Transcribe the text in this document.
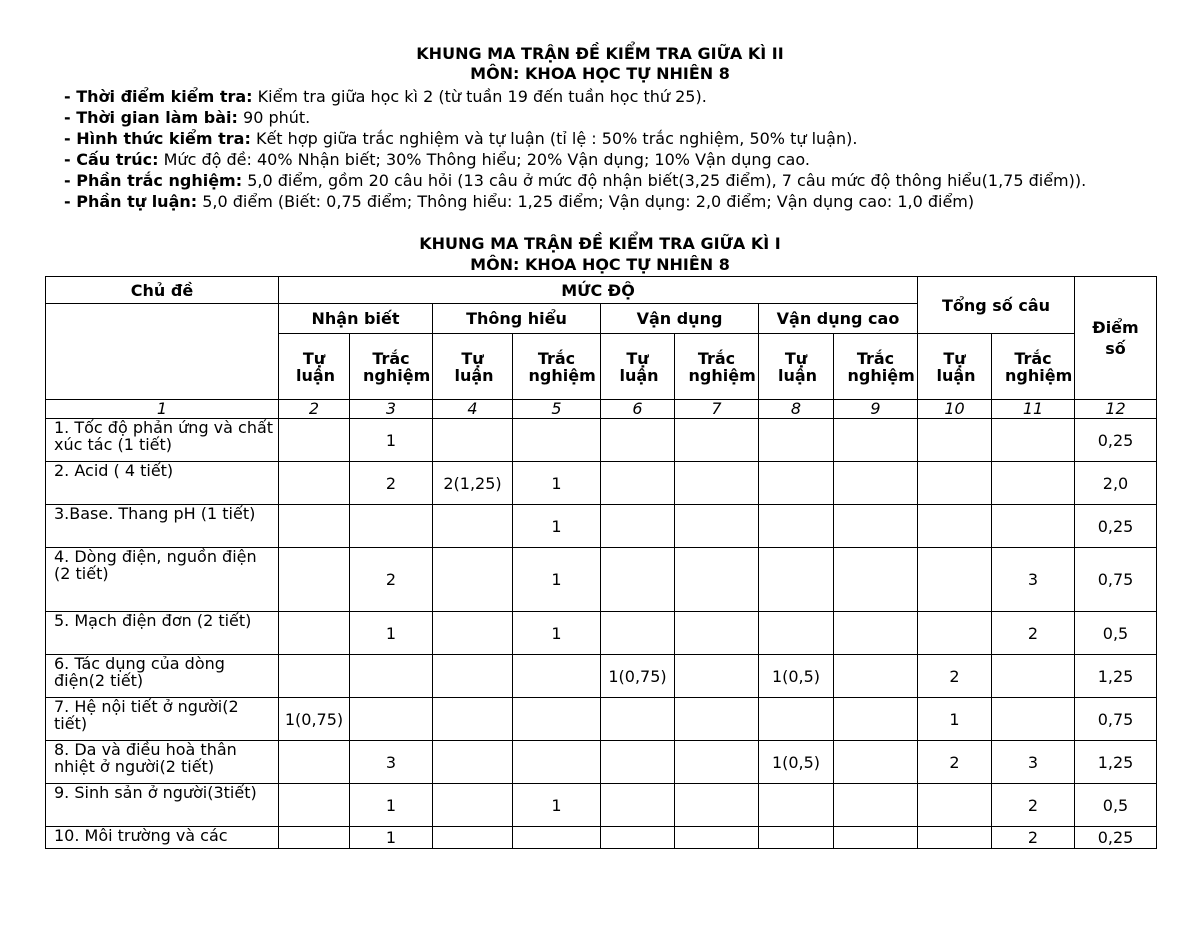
KHUNG MA TRẬN ĐỀ KIỂM TRA GIỮA KÌ II
MÔN: KHOA HỌC TỰ NHIÊN 8

- Thời điểm kiểm tra: Kiểm tra giữa học kì 2 (từ tuần 19 đến tuần học thứ 25).

- Thời gian làm bài: 90 phút.

- Hình thức kiểm tra: Kết hợp giữa trắc nghiệm và tự luận (tỉ lệ : 50% trắc nghiệm, 50% tự luận).

- Cấu trúc: Mức độ đề: 40% Nhận biết; 30% Thông hiểu; 20% Vận dụng; 10% Vận dụng cao.

- Phần trắc nghiệm: 5,0 điểm, gồm 20 câu hỏi (13 câu ở mức độ nhận biết(3,25 điểm), 7 câu mức độ thông hiểu(1,75 điểm)).

- Phần tự luận: 5,0 điểm (Biết: 0,75 điểm; Thông hiểu: 1,25 điểm; Vận dụng: 2,0 điểm; Vận dụng cao: 1,0 điểm)

KHUNG MA TRẬN ĐỀ KIỂM TRA GIỮA KÌ I
MÔN: KHOA HỌC TỰ NHIÊN 8
Chủ đề	MỨC ĐỘ								Tổng số câu		Điểm số

	Nhận biết		Thông hiểu		Vận dụng		Vận dụng cao				

	Tự luận	Trắc nghiệm	Tự luận	Trắc nghiệm	Tự luận	Trắc nghiệm	Tự luận	Trắc nghiệm	Tự luận	Trắc nghiệm	

1	2	3	4	5	6	7	8	9	10	11	12
1. Tốc độ phản ứng và chất xúc tác (1 tiết)		1									0,25
2. Acid ( 4 tiết)		2	2(1,25)	1							2,0
3.Base. Thang pH (1 tiết)				1							0,25
4. Dòng điện, nguồn điện
(2 tiết)		2		1						3	0,75
5. Mạch điện đơn (2 tiết)		1		1						2	0,5
6. Tác dụng của dòng điện(2 tiết)					1(0,75)		1(0,5)		2		1,25
7. Hệ nội tiết ở người(2 tiết)	1(0,75)								1		0,75
8. Da và điều hoà thân nhiệt ở người(2 tiết)		3					1(0,5)		2	3	1,25
9. Sinh sản ở người(3tiết)		1		1						2	0,5
10. Môi trường và các		1								2	0,25
